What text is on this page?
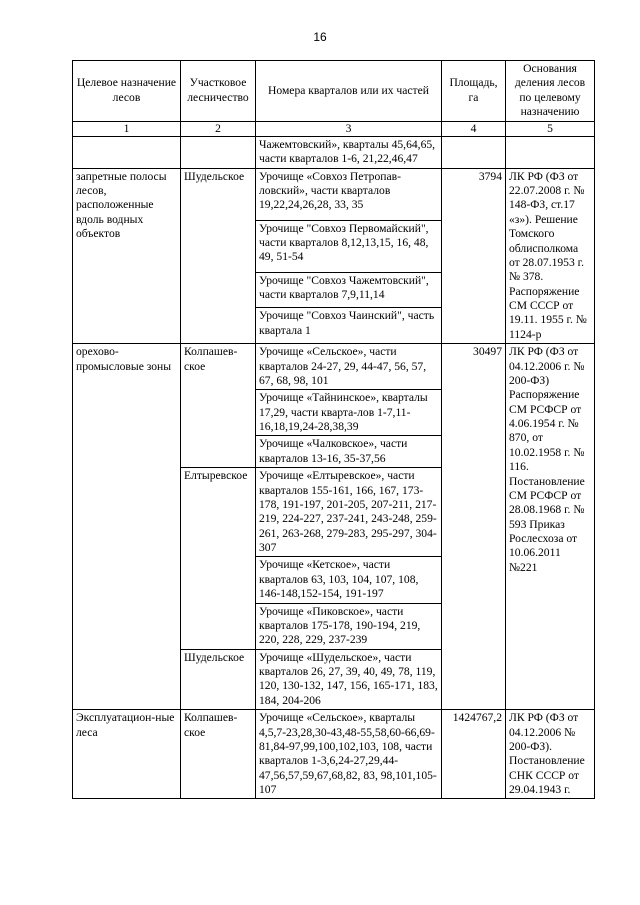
16
Целевое назначение лесов	Участковое лесничество	Номера кварталов или их частей	Площадь, га	Основания деления лесов по целевому назначению
1	2	3	4	5
		Чажемтовский», кварталы 45,64,65, части кварталов 1-6, 21,22,46,47		
запретные полосы лесов, расположенные вдоль водных объектов	Шудельское	Урочище «Совхоз Петропав-ловский», части кварталов 19,22,24,26,28, 33, 35	3794	ЛК РФ (ФЗ от 22.07.2008 г. № 148-ФЗ, ст.17 «з»). Решение Томского облисполкома от 28.07.1953 г. № 378. Распоряжение СМ СССР от 19.11. 1955 г. № 1124-р
		Урочище "Совхоз Первомайский", части кварталов 8,12,13,15, 16, 48, 49, 51-54		
		Урочище "Совхоз Чажемтовский", части кварталов 7,9,11,14		
		Урочище "Совхоз Чаинский", часть квартала 1		
орехово-промысловые зоны	Колпашев-ское	Урочище «Сельское», части кварталов 24-27, 29, 44-47, 56, 57, 67, 68, 98, 101	30497	ЛК РФ (ФЗ от 04.12.2006 г. № 200-ФЗ) Распоряжение СМ РСФСР от 4.06.1954 г. № 870, от 10.02.1958 г. № 116. Постановление СМ РСФСР от 28.08.1968 г. № 593 Приказ Рослесхоза от 10.06.2011 №221
		Урочище «Тайнинское», кварталы 17,29, части кварта-лов 1-7,11-16,18,19,24-28,38,39		
		Урочище «Чалковское», части кварталов 13-16, 35-37,56		
	Елтыревское	Урочище «Елтыревское», части кварталов 155-161, 166, 167, 173-178, 191-197, 201-205, 207-211, 217-219, 224-227, 237-241, 243-248, 259-261, 263-268, 279-283, 295-297, 304-307		
		Урочище «Кетское», части кварталов 63, 103, 104, 107, 108, 146-148,152-154, 191-197		
		Урочище «Пиковское», части кварталов 175-178, 190-194, 219, 220, 228, 229, 237-239		
	Шудельское	Урочище «Шудельское», части кварталов 26, 27, 39, 40, 49, 78, 119, 120, 130-132, 147, 156, 165-171, 183, 184, 204-206		
Эксплуатацион-ные леса	Колпашев-ское	Урочище «Сельское», кварталы 4,5,7-23,28,30-43,48-55,58,60-66,69-81,84-97,99,100,102,103, 108, части кварталов 1-3,6,24-27,29,44-47,56,57,59,67,68,82, 83, 98,101,105-107	1424767,2	ЛК РФ (ФЗ от 04.12.2006 № 200-ФЗ). Постановление СНК СССР от 29.04.1943 г.
